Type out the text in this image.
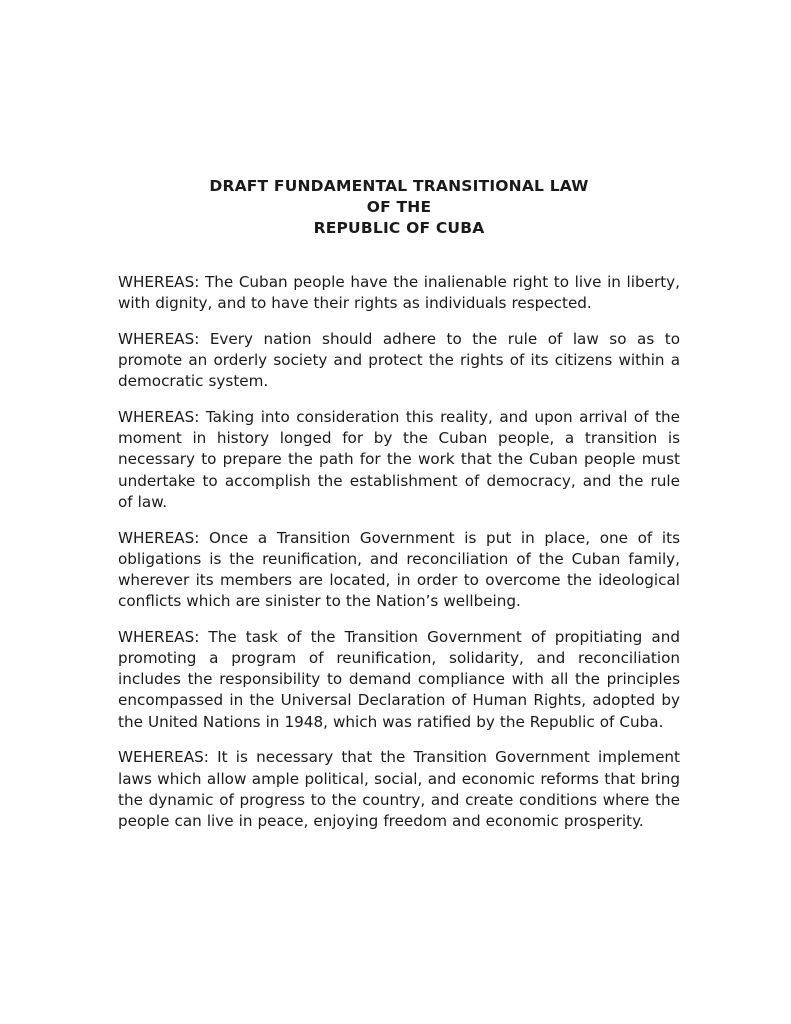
DRAFT FUNDAMENTAL TRANSITIONAL LAW
OF THE
REPUBLIC OF CUBA

WHEREAS: The Cuban people have the inalienable right to live in liberty, with dignity, and to have their rights as individuals respected.

WHEREAS: Every nation should adhere to the rule of law so as to promote an orderly society and protect the rights of its citizens within a democratic system.

WHEREAS: Taking into consideration this reality, and upon arrival of the moment in history longed for by the Cuban people, a transition is necessary to prepare the path for the work that the Cuban people must undertake to accomplish the establishment of democracy, and the rule of law.

WHEREAS: Once a Transition Government is put in place, one of its obligations is the reunification, and reconciliation of the Cuban family, wherever its members are located, in order to overcome the ideological conflicts which are sinister to the Nation’s wellbeing.

WHEREAS: The task of the Transition Government of propitiating and promoting a program of reunification, solidarity, and reconciliation includes the responsibility to demand compliance with all the principles encompassed in the Universal Declaration of Human Rights, adopted by the United Nations in 1948, which was ratified by the Republic of Cuba.

WEHEREAS: It is necessary that the Transition Government implement laws which allow ample political, social, and economic reforms that bring the dynamic of progress to the country, and create conditions where the people can live in peace, enjoying freedom and economic prosperity.
